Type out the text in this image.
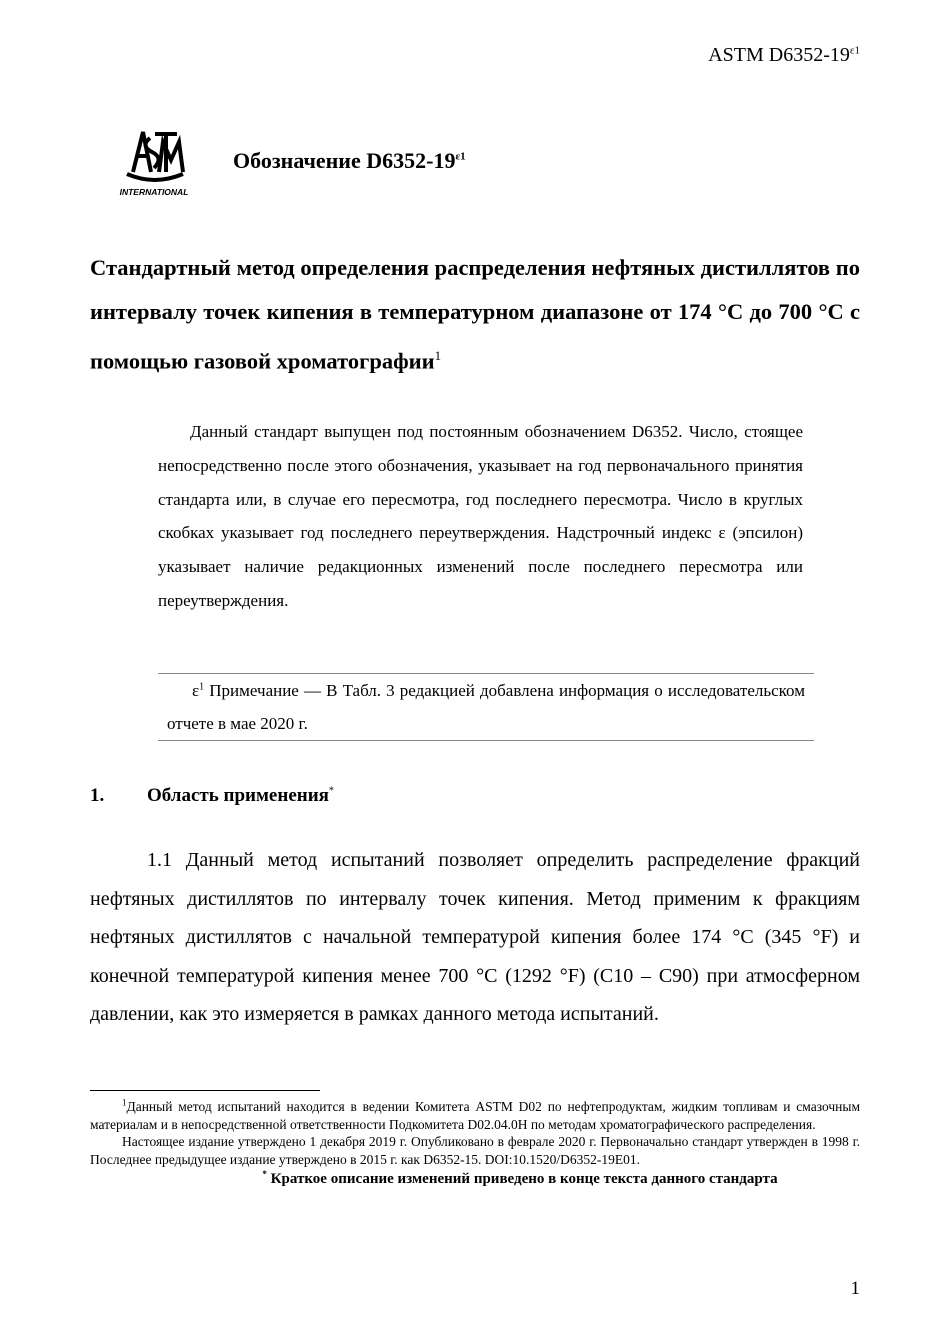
ASTM $D6352-19^{\varepsilon 1}$
INTERNATIONAL
Обозначение $D6352-19^{\varepsilon 1}$
Стандартный метод определения распределения нефтяных дистиллятов по интервалу точек кипения в температурном диапазоне от 174 °C до 700 °C с помощью газовой хроматографии$^1$

Данный стандарт выпущен под постоянным обозначением D6352. Число, стоящее непосредственно после этого обозначения, указывает на год первоначального принятия стандарта или, в случае его пересмотра, год последнего пересмотра. Число в круглых скобках указывает год последнего переутверждения. Надстрочный индекс ε (эпсилон) указывает наличие редакционных изменений после последнего пересмотра или переутверждения.

$\varepsilon^1$ Примечание — В Табл. 3 редакцией добавлена информация о исследовательском отчете в мае 2020 г.

1. Область применения*

1.1 Данный метод испытаний позволяет определить распределение фракций нефтяных дистиллятов по интервалу точек кипения. Метод применим к фракциям нефтяных дистиллятов с начальной температурой кипения более 174 °C (345 °F) и конечной температурой кипения менее 700 °C (1292 °F) (C10 – C90) при атмосферном давлении, как это измеряется в рамках данного метода испытаний.

$^1$Данный метод испытаний находится в ведении Комитета ASTM D02 по нефтепродуктам, жидким топливам и смазочным материалам и в непосредственной ответственности Подкомитета D02.04.0H по методам хроматографического распределения.

Настоящее издание утверждено 1 декабря 2019 г. Опубликовано в феврале 2020 г. Первоначально стандарт утвержден в 1998 г. Последнее предыдущее издание утверждено в 2015 г. как D6352-15. DOI:10.1520/D6352-19E01.

* Краткое описание изменений приведено в конце текста данного стандарта

1
